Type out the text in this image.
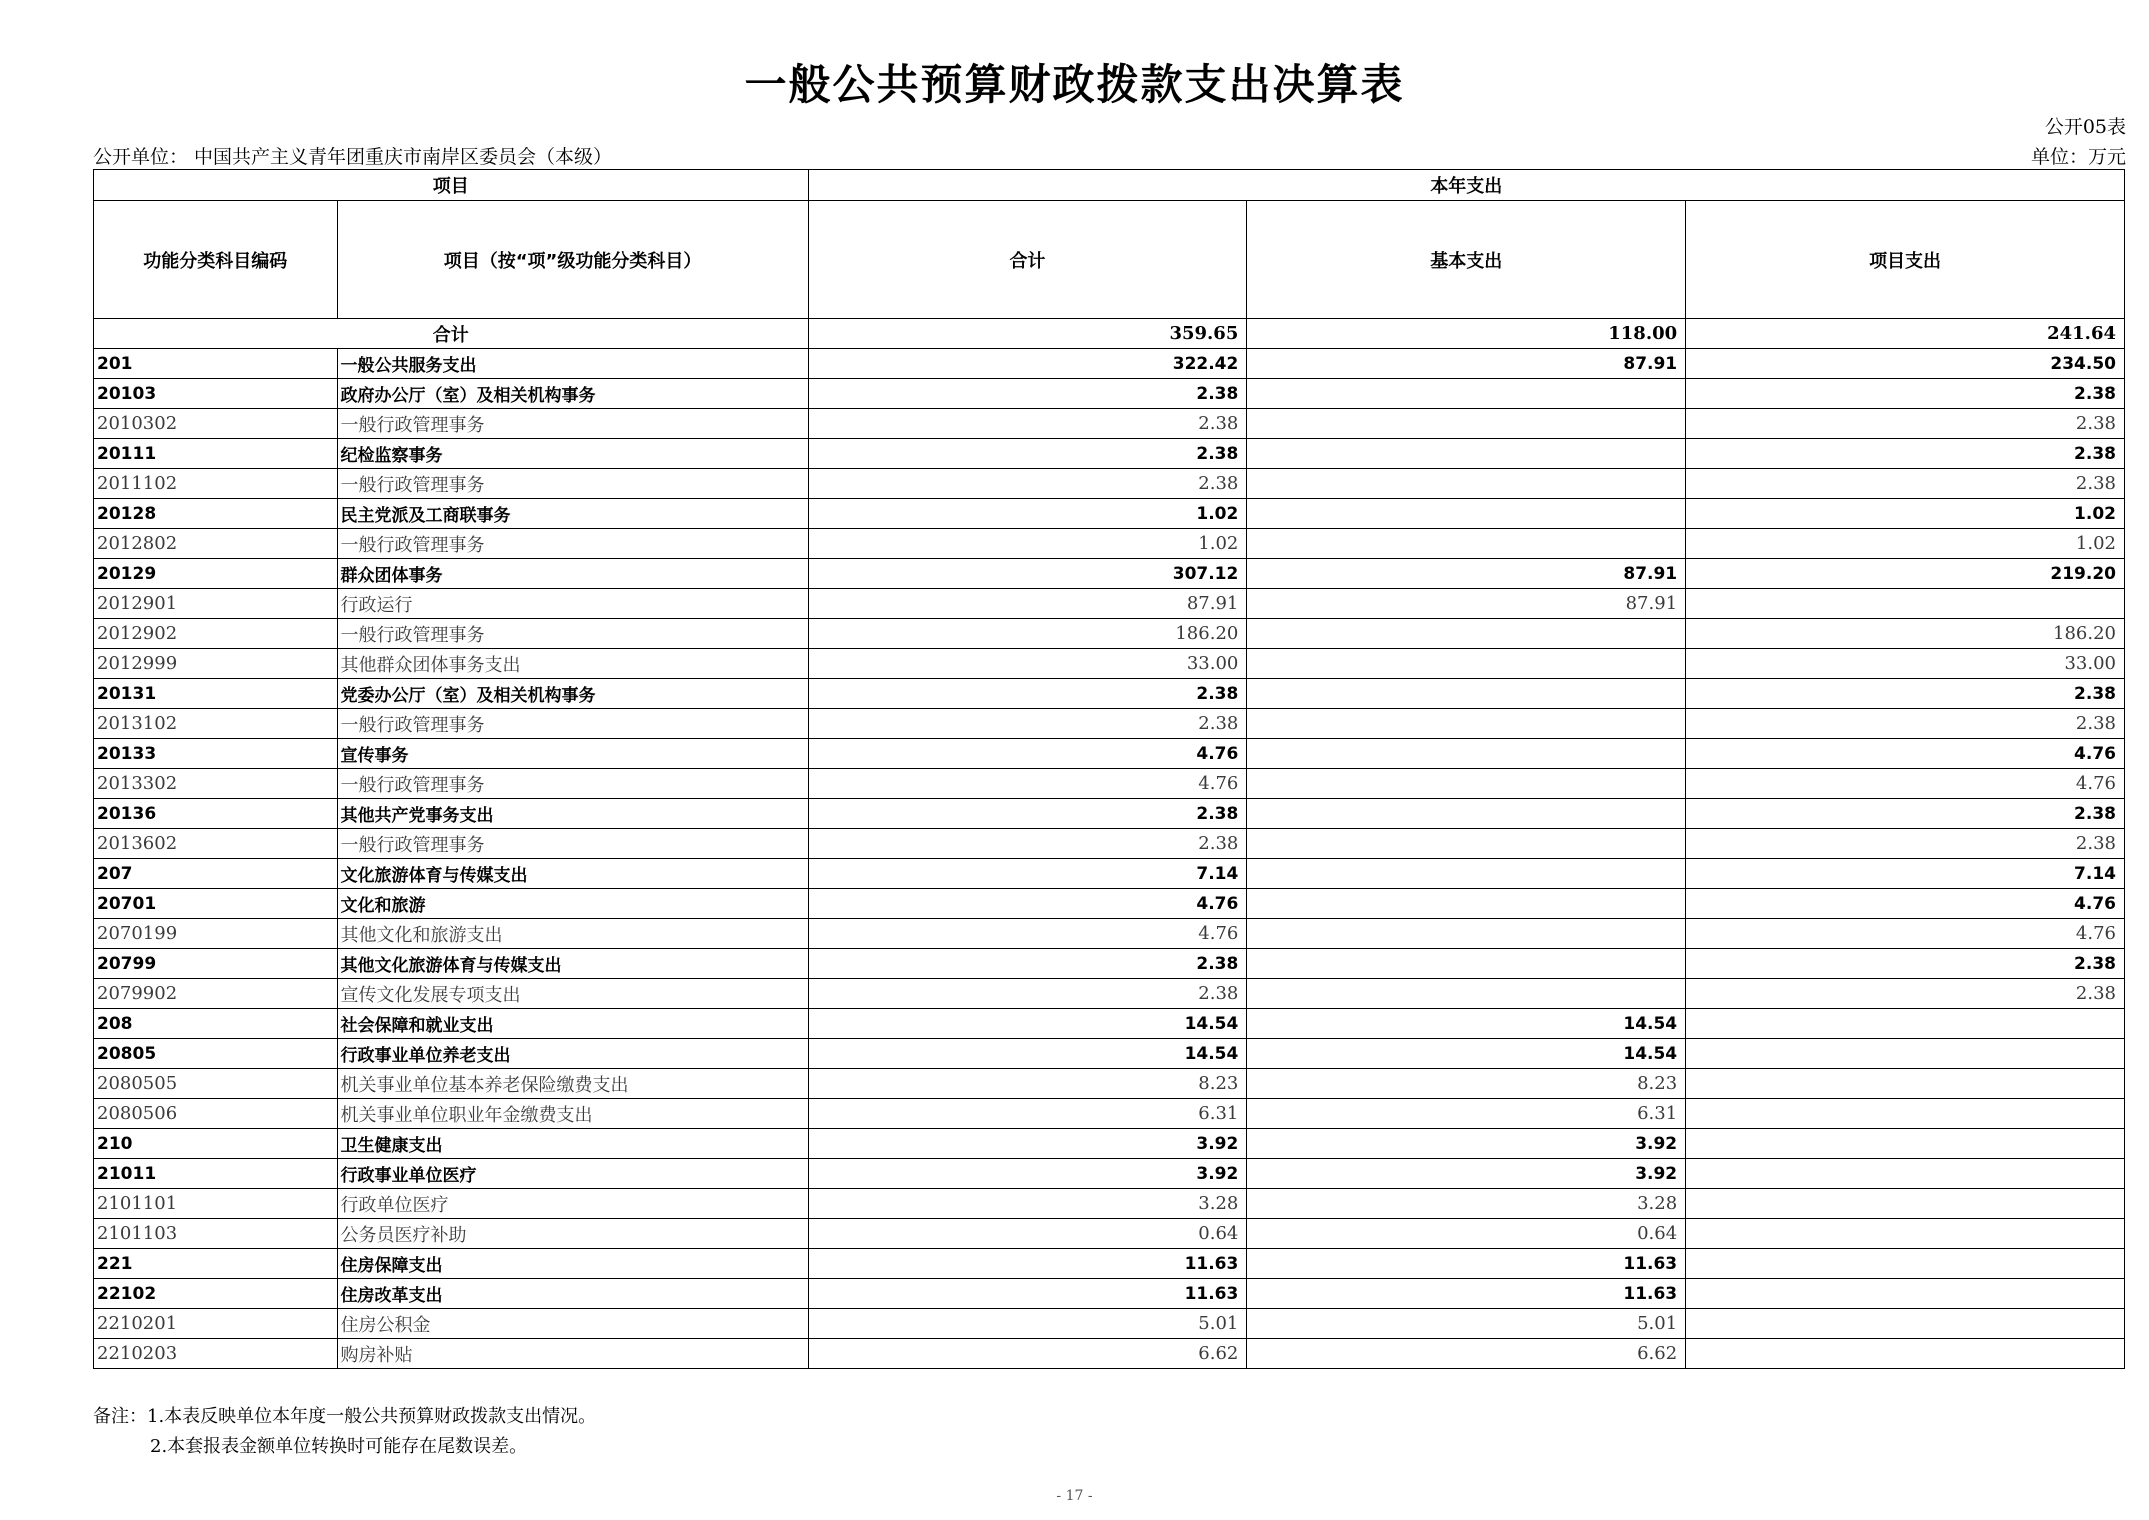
一般公共预算财政拨款支出决算表
公开05表
公开单位： 中国共产主义青年团重庆市南岸区委员会（本级）	单位：万元
项目		本年支出		
功能分类科目编码	项目（按“项”级功能分类科目）	合计	基本支出	项目支出
合计		359.65	118.00	241.64
201	一般公共服务支出	322.42	87.91	234.50
20103	政府办公厅（室）及相关机构事务	2.38		2.38
2010302	一般行政管理事务	2.38		2.38
20111	纪检监察事务	2.38		2.38
2011102	一般行政管理事务	2.38		2.38
20128	民主党派及工商联事务	1.02		1.02
2012802	一般行政管理事务	1.02		1.02
20129	群众团体事务	307.12	87.91	219.20
2012901	行政运行	87.91	87.91	
2012902	一般行政管理事务	186.20		186.20
2012999	其他群众团体事务支出	33.00		33.00
20131	党委办公厅（室）及相关机构事务	2.38		2.38
2013102	一般行政管理事务	2.38		2.38
20133	宣传事务	4.76		4.76
2013302	一般行政管理事务	4.76		4.76
20136	其他共产党事务支出	2.38		2.38
2013602	一般行政管理事务	2.38		2.38
207	文化旅游体育与传媒支出	7.14		7.14
20701	文化和旅游	4.76		4.76
2070199	其他文化和旅游支出	4.76		4.76
20799	其他文化旅游体育与传媒支出	2.38		2.38
2079902	宣传文化发展专项支出	2.38		2.38
208	社会保障和就业支出	14.54	14.54	
20805	行政事业单位养老支出	14.54	14.54	
2080505	机关事业单位基本养老保险缴费支出	8.23	8.23	
2080506	机关事业单位职业年金缴费支出	6.31	6.31	
210	卫生健康支出	3.92	3.92	
21011	行政事业单位医疗	3.92	3.92	
2101101	行政单位医疗	3.28	3.28	
2101103	公务员医疗补助	0.64	0.64	
221	住房保障支出	11.63	11.63	
22102	住房改革支出	11.63	11.63	
2210201	住房公积金	5.01	5.01	
2210203	购房补贴	6.62	6.62	
备注：1.本表反映单位本年度一般公共预算财政拨款支出情况。
2.本套报表金额单位转换时可能存在尾数误差。
- 17 -
